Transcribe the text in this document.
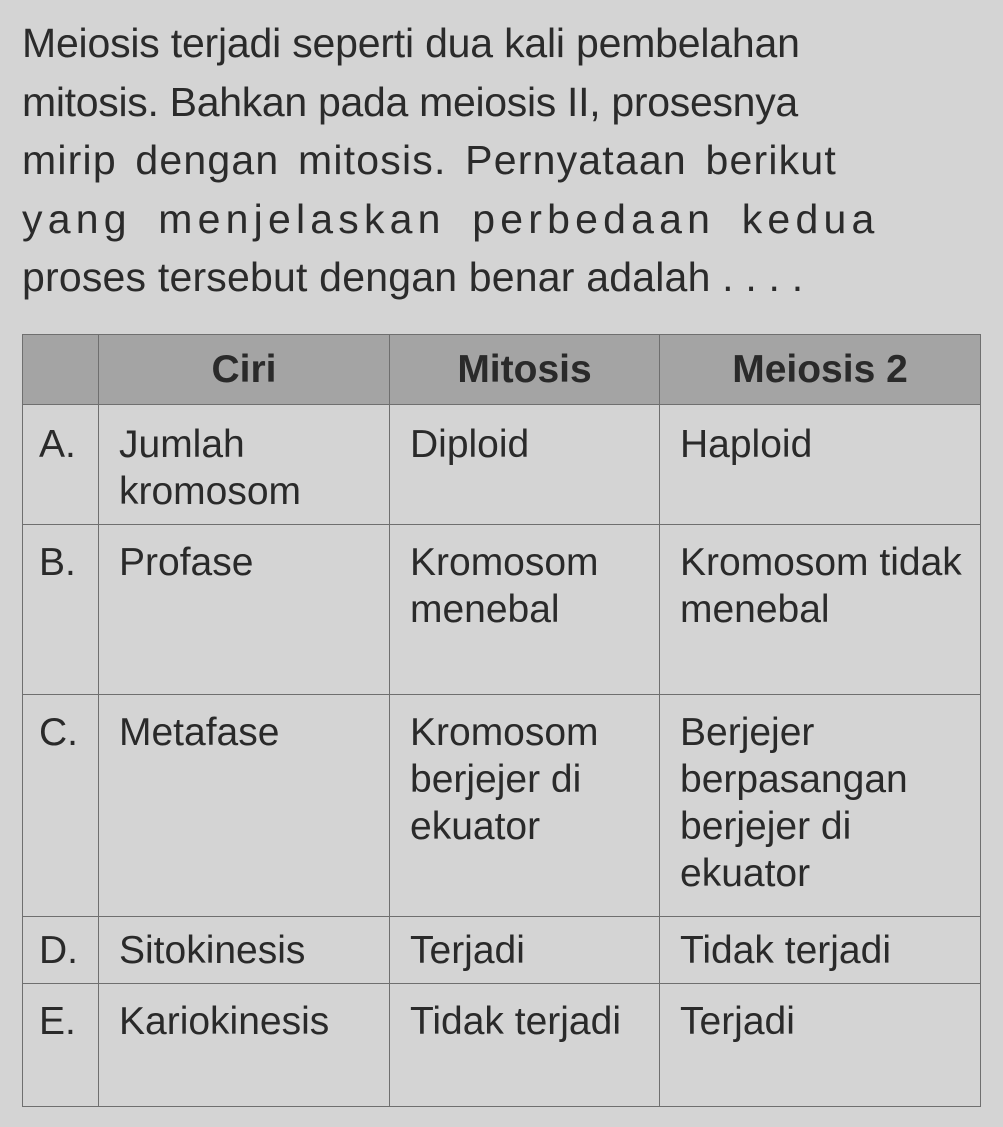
Meiosis terjadi seperti dua kali pembelahan
mitosis. Bahkan pada meiosis II, prosesnya
mirip dengan mitosis. Pernyataan berikut
yang menjelaskan perbedaan kedua
proses tersebut dengan benar adalah . . . .

	Ciri	Mitosis	Meiosis 2
A.	Jumlah kromosom	Diploid	Haploid
B.	Profase	Kromosom menebal	Kromosom tidak menebal
C.	Metafase	Kromosom berjejer di ekuator	Berjejer berpasangan berjejer di ekuator
D.	Sitokinesis	Terjadi	Tidak terjadi
E.	Kariokinesis	Tidak terjadi	Terjadi
